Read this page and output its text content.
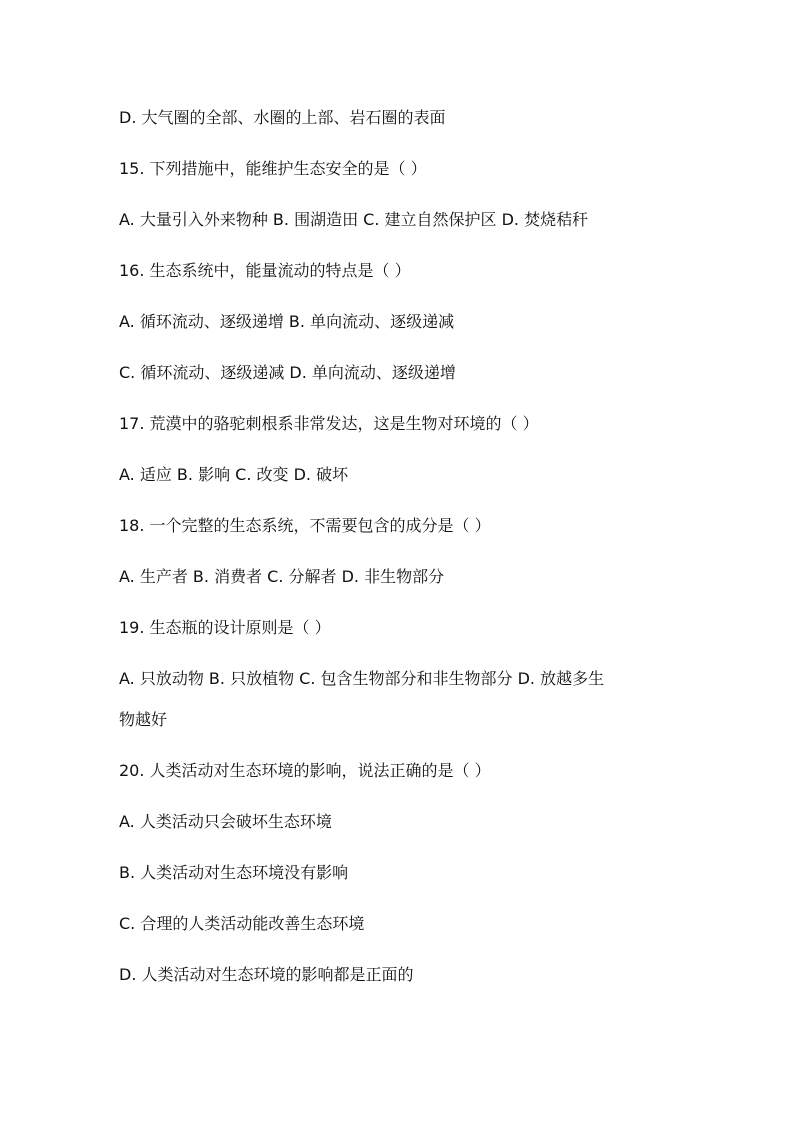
D. 大气圈的全部、水圈的上部、岩石圈的表面
15. 下列措施中，能维护生态安全的是（ ）
A. 大量引入外来物种 B. 围湖造田 C. 建立自然保护区 D. 焚烧秸秆
16. 生态系统中，能量流动的特点是（ ）
A. 循环流动、逐级递增 B. 单向流动、逐级递减
C. 循环流动、逐级递减 D. 单向流动、逐级递增
17. 荒漠中的骆驼刺根系非常发达，这是生物对环境的（ ）
A. 适应 B. 影响 C. 改变 D. 破坏
18. 一个完整的生态系统，不需要包含的成分是（ ）
A. 生产者 B. 消费者 C. 分解者 D. 非生物部分
19. 生态瓶的设计原则是（ ）
A. 只放动物 B. 只放植物 C. 包含生物部分和非生物部分 D. 放越多生
物越好
20. 人类活动对生态环境的影响，说法正确的是（ ）
A. 人类活动只会破坏生态环境
B. 人类活动对生态环境没有影响
C. 合理的人类活动能改善生态环境
D. 人类活动对生态环境的影响都是正面的
